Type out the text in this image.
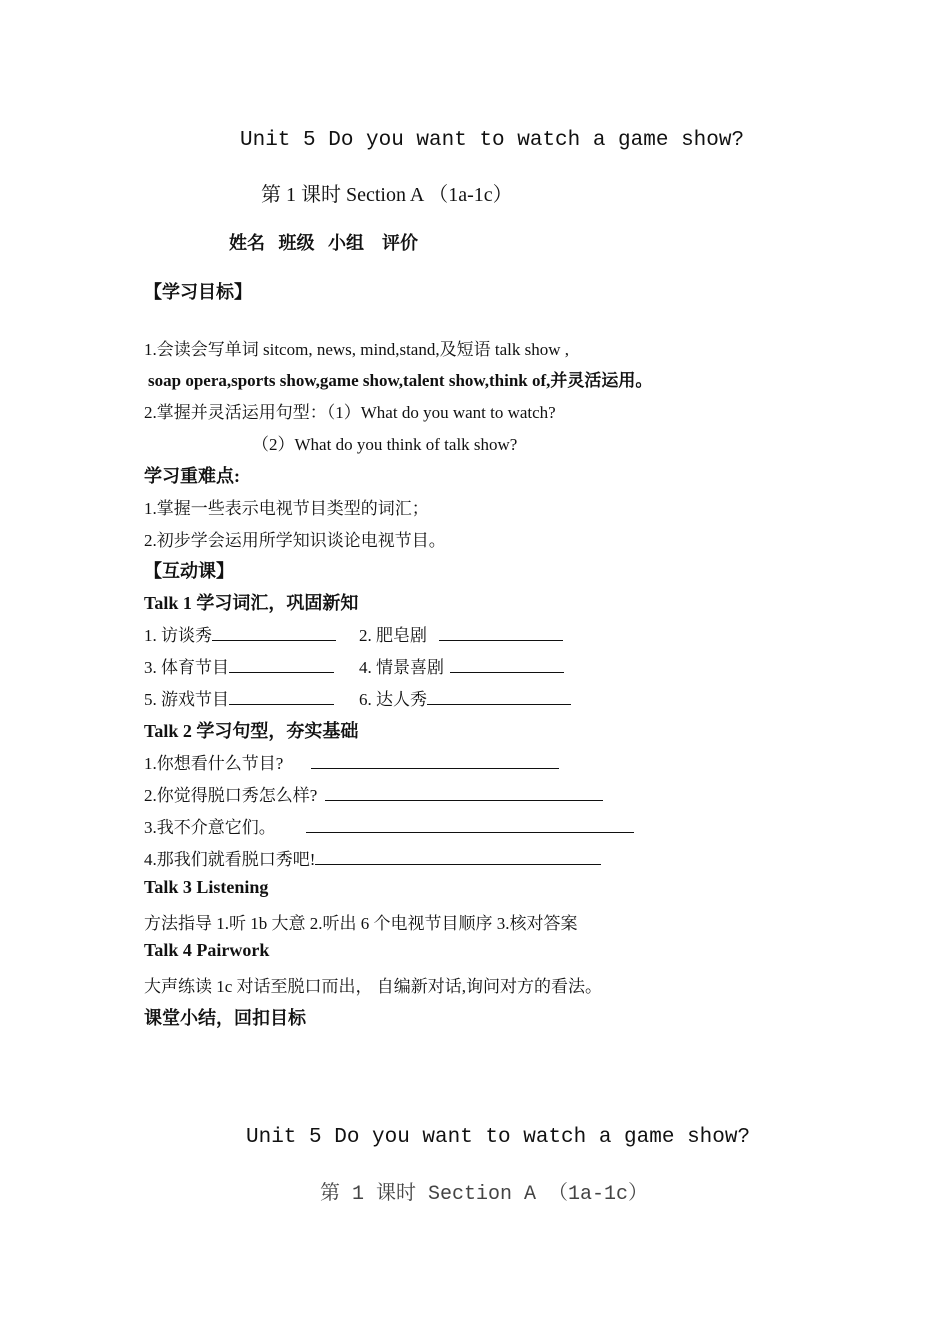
Unit 5 Do you want to watch a game show?
第 1 课时 Section A （1a-1c）
姓名   班级   小组    评价
【学习目标】
1.会读会写单词 sitcom, news, mind,stand,及短语 talk show ,
soap opera,sports show,game show,talent show,think of,并灵活运用。
2.掌握并灵活运用句型：（1）What do you want to watch?
（2）What do you think of talk show?
学习重难点:
1.掌握一些表示电视节目类型的词汇；
2.初步学会运用所学知识谈论电视节目。
【互动课】
Talk 1 学习词汇，巩固新知
1. 访谈秀	2. 肥皂剧
3. 体育节目	4. 情景喜剧
5. 游戏节目	6. 达人秀
Talk 2 学习句型，夯实基础
1.你想看什么节目?
2.你觉得脱口秀怎么样?
3.我不介意它们。
4.那我们就看脱口秀吧!
Talk 3 Listening
方法指导 1.听 1b 大意 2.听出 6 个电视节目顺序 3.核对答案
Talk 4 Pairwork
大声练读 1c 对话至脱口而出， 自编新对话,询问对方的看法。
课堂小结，回扣目标
Unit 5 Do you want to watch a game show?
第 1 课时 Section A （1a-1c）
